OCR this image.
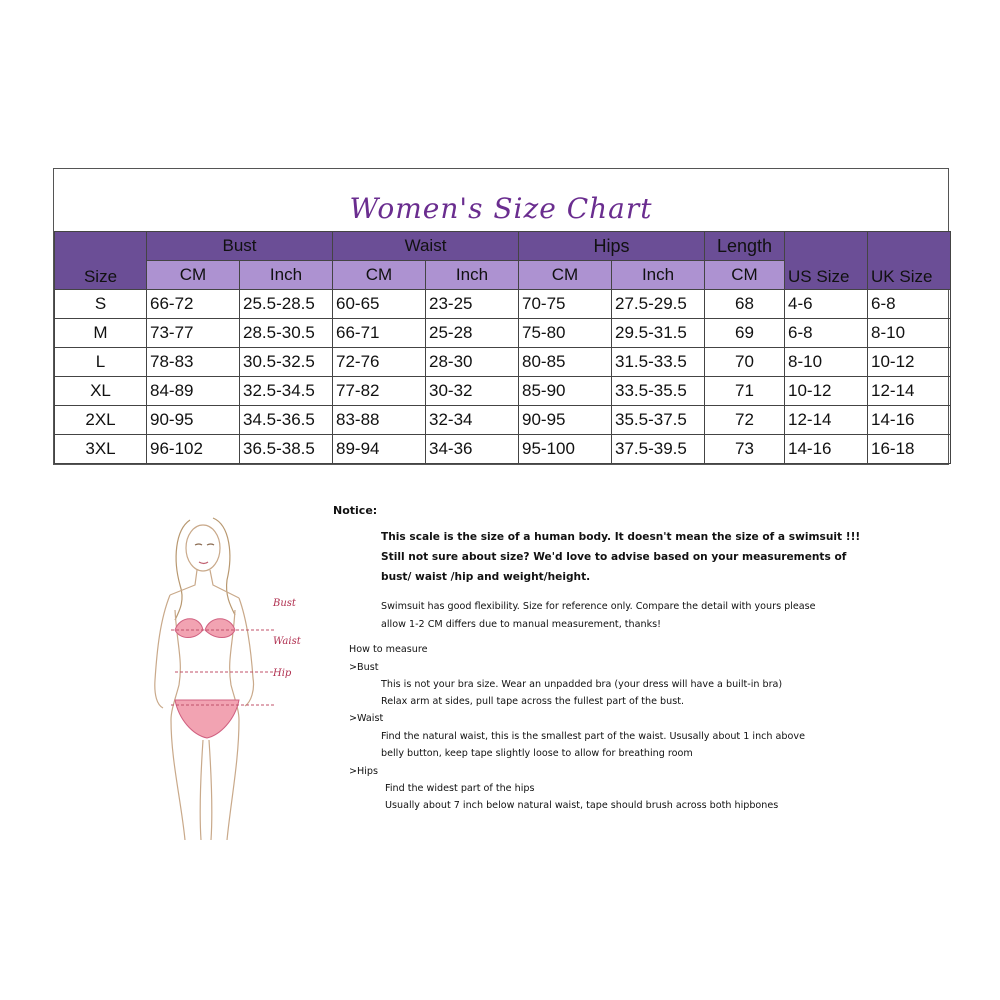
Women's Size Chart
Size	Bust		Waist		Hips		Length	US Size	UK Size
	CM	Inch	CM	Inch	CM	Inch	CM		
S	66-72	25.5-28.5	60-65	23-25	70-75	27.5-29.5	68	4-6	6-8
M	73-77	28.5-30.5	66-71	25-28	75-80	29.5-31.5	69	6-8	8-10
L	78-83	30.5-32.5	72-76	28-30	80-85	31.5-33.5	70	8-10	10-12
XL	84-89	32.5-34.5	77-82	30-32	85-90	33.5-35.5	71	10-12	12-14
2XL	90-95	34.5-36.5	83-88	32-34	90-95	35.5-37.5	72	12-14	14-16
3XL	96-102	36.5-38.5	89-94	34-36	95-100	37.5-39.5	73	14-16	16-18
Bust
Waist
Hip
Notice:
This scale is the size of a human body. It doesn't mean the size of a swimsuit !!!
Still not sure about size? We'd love to advise based on your measurements of
bust/ waist /hip and weight/height.
Swimsuit has good flexibility. Size for reference only. Compare the detail with yours please
allow 1-2 CM differs due to manual measurement, thanks!
How to measure
>Bust
This is not your bra size. Wear an unpadded bra (your dress will have a built-in bra)
Relax arm at sides, pull tape across the fullest part of the bust.
>Waist
Find the natural waist, this is the smallest part of the waist. Ususally about 1 inch above
belly button, keep tape slightly loose to allow for breathing room
>Hips
Find the widest part of the hips
Usually about 7 inch below natural waist, tape should brush across both hipbones
